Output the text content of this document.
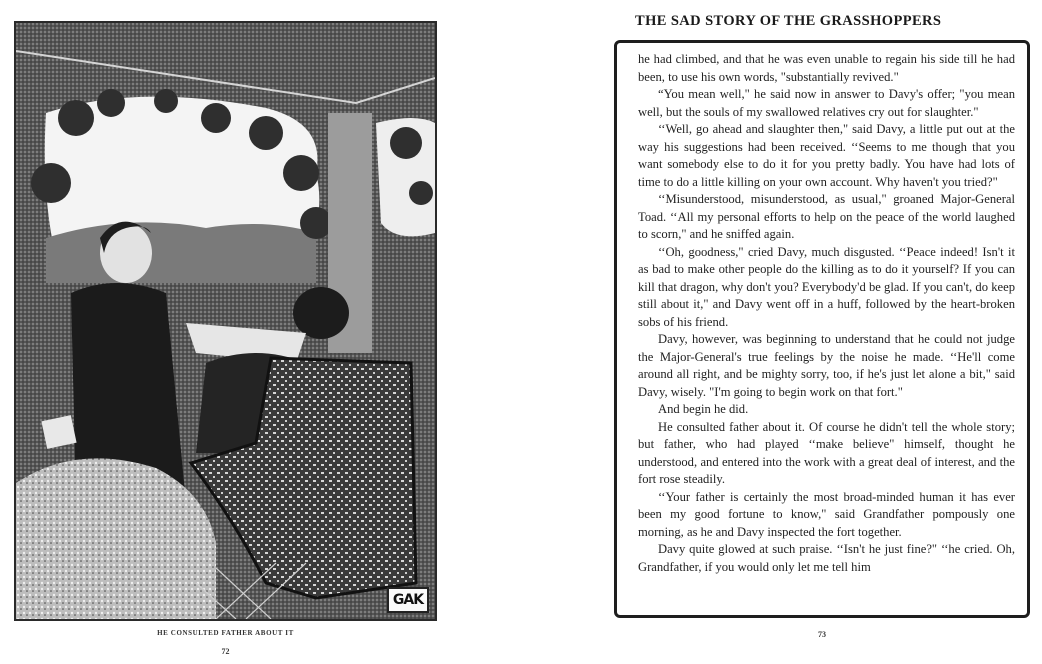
GAK
HE CONSULTED FATHER ABOUT IT
72
THE SAD STORY OF THE GRASSHOPPERS

he had climbed, and that he was even unable to regain his side till he had been, to use his own words, "substantially revived."

“You mean well," he said now in answer to Davy's offer; "you mean well, but the souls of my swallowed relatives cry out for slaughter."

‘‘Well, go ahead and slaughter then," said Davy, a little put out at the way his suggestions had been received. ‘‘Seems to me though that you want somebody else to do it for you pretty badly. You have had lots of time to do a little killing on your own account. Why haven't you tried?"

‘‘Misunderstood, misunderstood, as usual," groaned Major-General Toad. ‘‘All my personal efforts to help on the peace of the world laughed to scorn," and he sniffed again.

‘‘Oh, goodness," cried Davy, much disgusted. ‘‘Peace indeed! Isn't it as bad to make other people do the killing as to do it yourself? If you can kill that dragon, why don't you? Everybody'd be glad. If you can't, do keep still about it," and Davy went off in a huff, followed by the heart-broken sobs of his friend.

Davy, however, was beginning to understand that he could not judge the Major-General's true feelings by the noise he made. ‘‘He'll come around all right, and be mighty sorry, too, if he's just let alone a bit," said Davy, wisely. "I'm going to begin work on that fort."

And begin he did.

He consulted father about it. Of course he didn't tell the whole story; but father, who had played ‘‘make believe" himself, thought he understood, and entered into the work with a great deal of interest, and the fort rose steadily.

‘‘Your father is certainly the most broad-minded human it has ever been my good fortune to know," said Grandfather pompously one morning, as he and Davy inspected the fort together.

Davy quite glowed at such praise. ‘‘Isn't he just fine?" ‘‘he cried. Oh, Grandfather, if you would only let me tell him

73
